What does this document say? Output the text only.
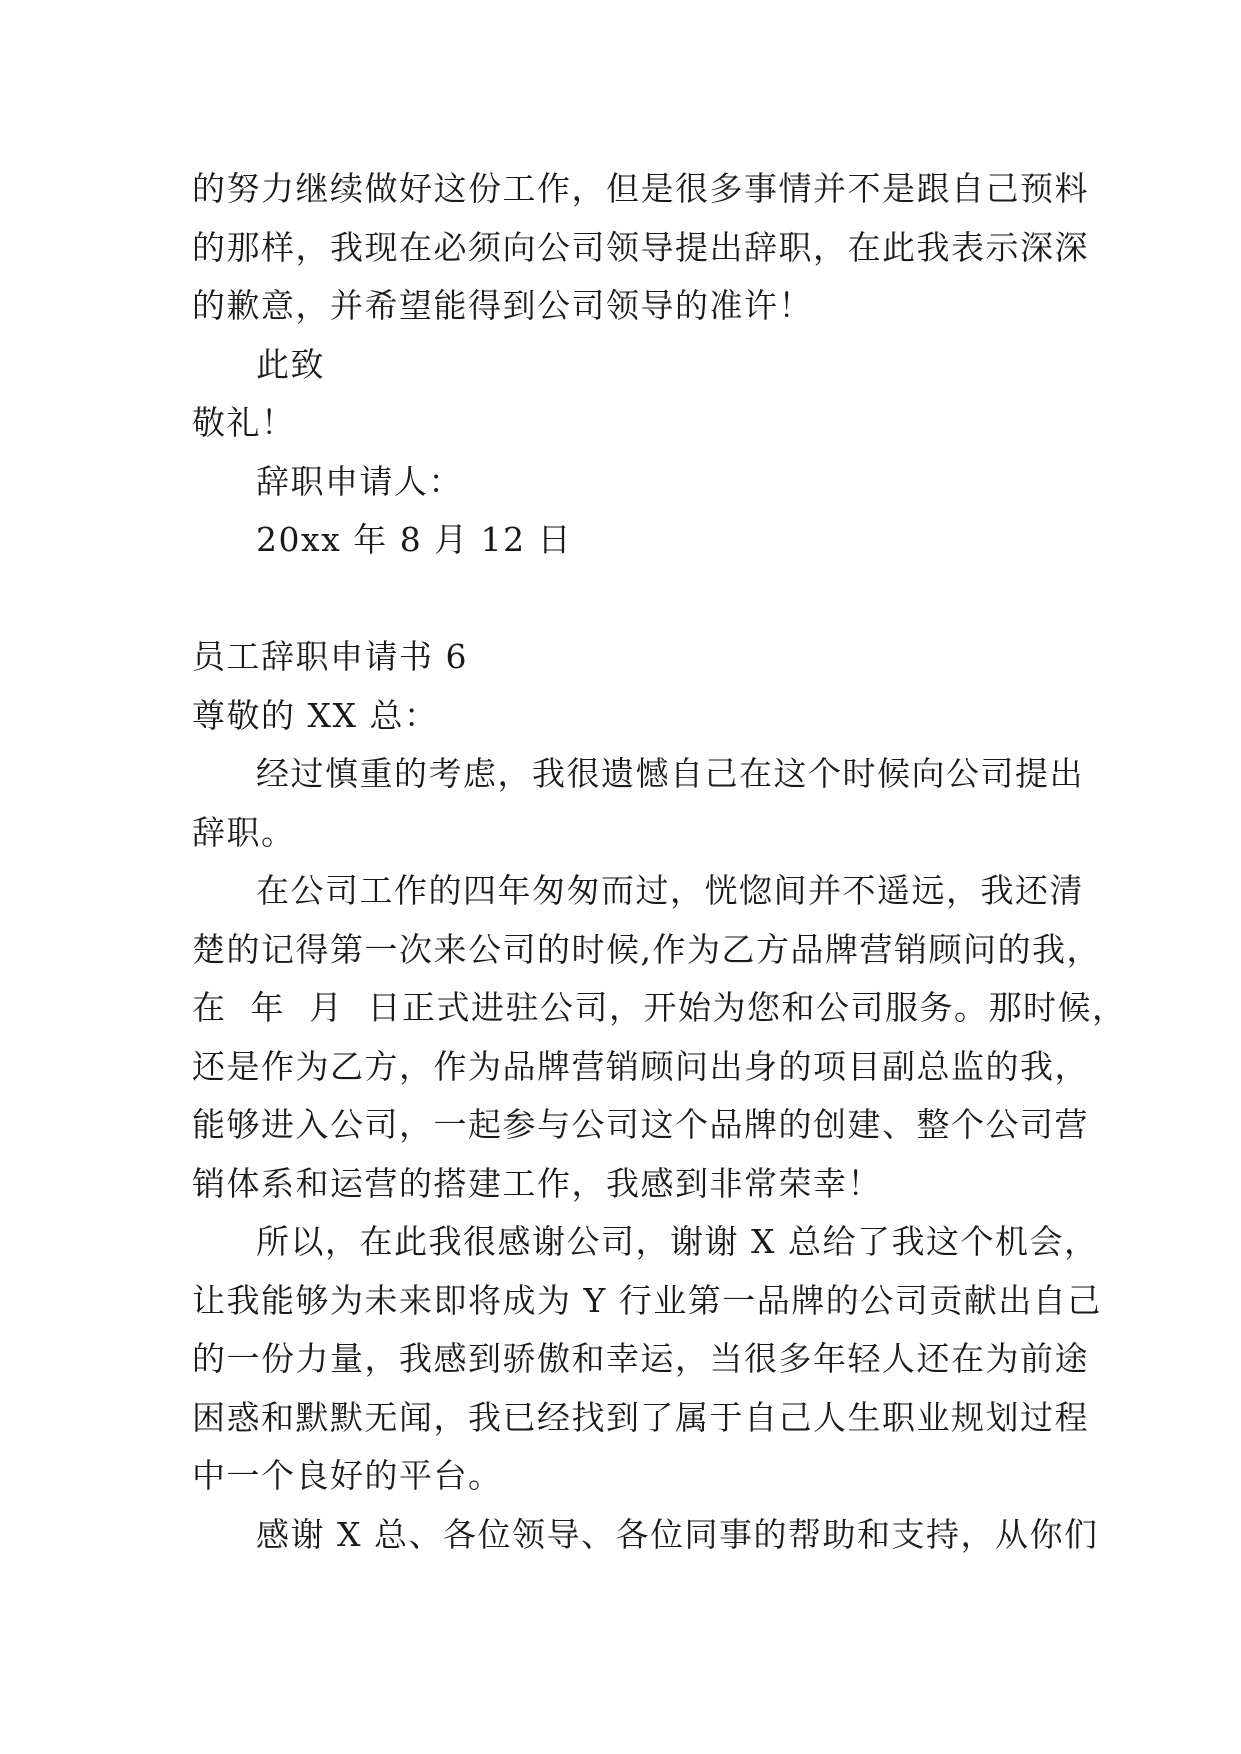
的努力继续做好这份工作，但是很多事情并不是跟自己预料

的那样，我现在必须向公司领导提出辞职，在此我表示深深

的歉意，并希望能得到公司领导的准许！

此致

敬礼！

辞职申请人：

20xx 年 8 月 12 日

员工辞职申请书 6

尊敬的 XX 总：

经过慎重的考虑，我很遗憾自己在这个时候向公司提出

辞职。

在公司工作的四年匆匆而过，恍惚间并不遥远，我还清

楚的记得第一次来公司的时候,作为乙方品牌营销顾问的我，

在  年  月  日正式进驻公司，开始为您和公司服务。那时候，

还是作为乙方，作为品牌营销顾问出身的项目副总监的我，

能够进入公司，一起参与公司这个品牌的创建、整个公司营

销体系和运营的搭建工作，我感到非常荣幸！

所以，在此我很感谢公司，谢谢 X 总给了我这个机会，

让我能够为未来即将成为 Y 行业第一品牌的公司贡献出自己

的一份力量，我感到骄傲和幸运，当很多年轻人还在为前途

困惑和默默无闻，我已经找到了属于自己人生职业规划过程

中一个良好的平台。

感谢 X 总、各位领导、各位同事的帮助和支持，从你们
